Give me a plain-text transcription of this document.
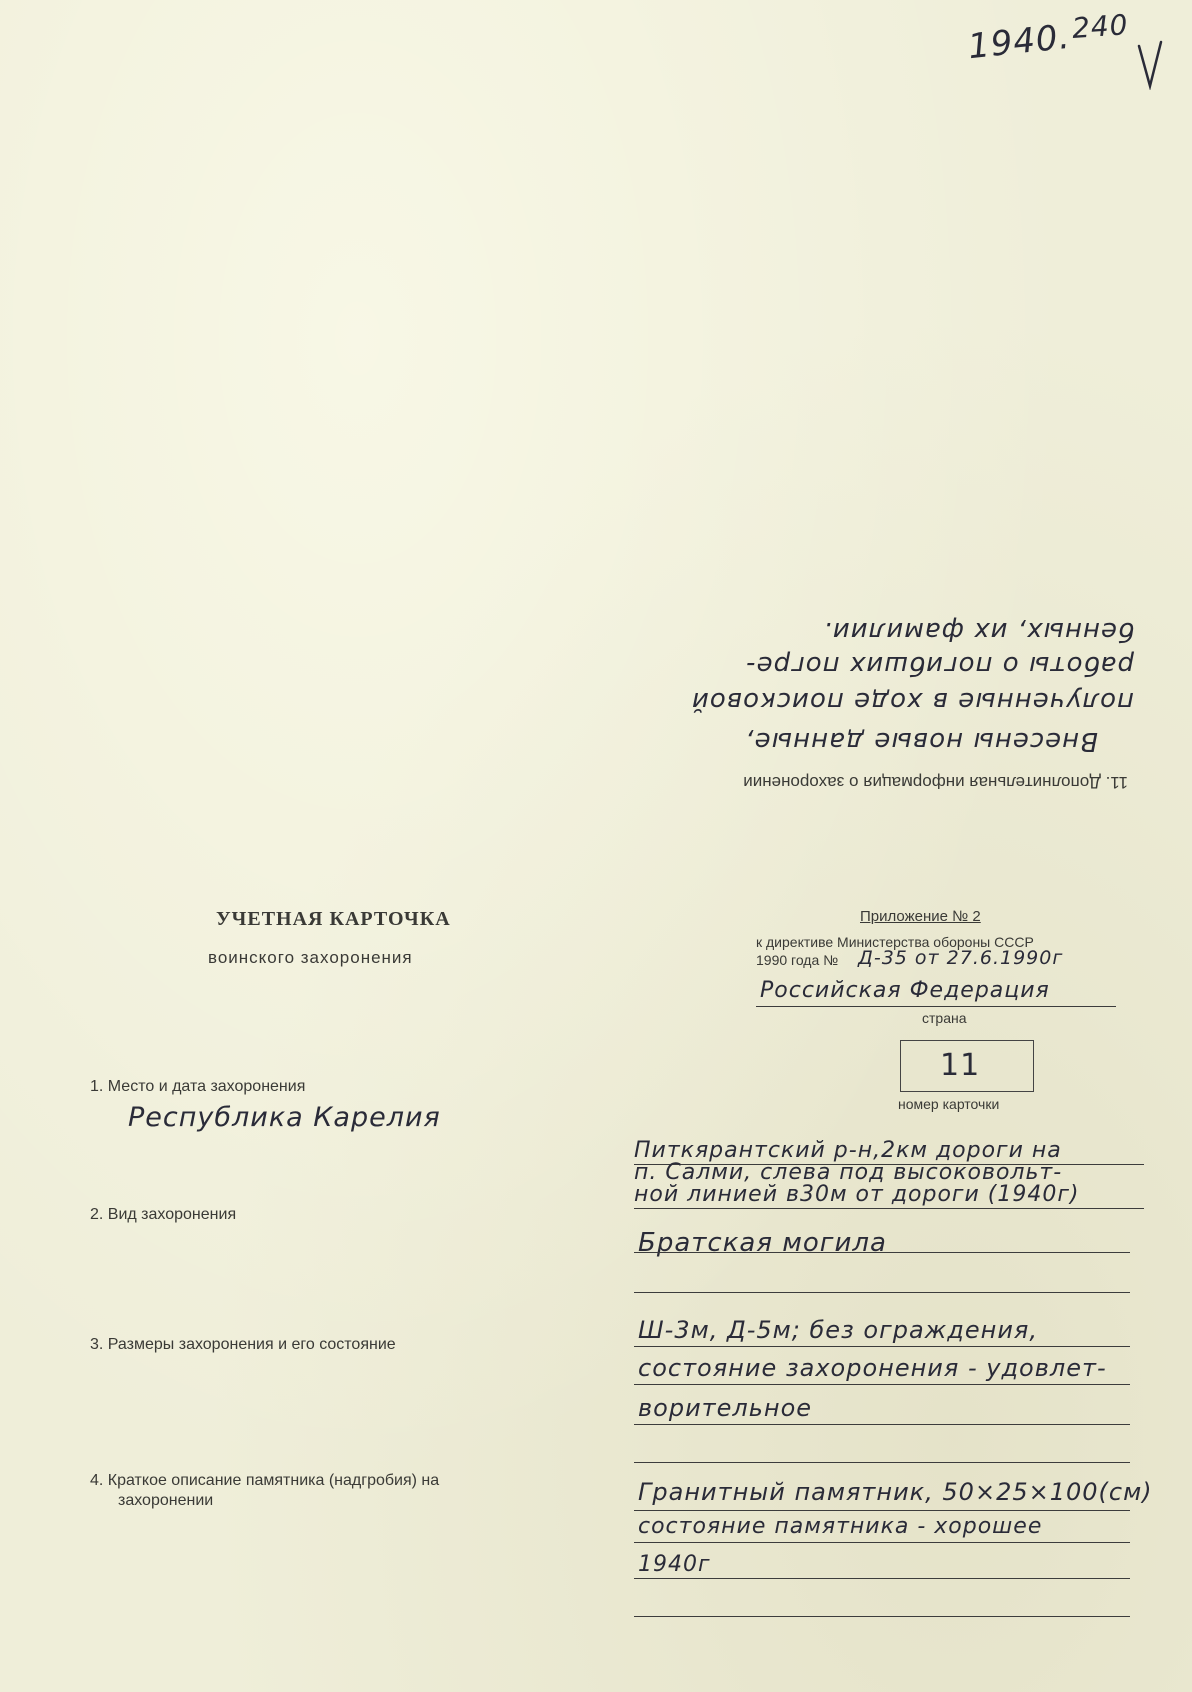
1940.
240
11. Дополнительная информация о захоронении
Внесены новые данные,
полученные в ходе поисковой
работы о погибших погре-
бенных, их фамилии.
УЧЕТНАЯ КАРТОЧКА
воинского захоронения
Приложение № 2
к директиве Министерства обороны СССР
1990 года № Д-35 от 27.6.1990г
Российская Федерация
страна
11
номер карточки
1. Место и дата захоронения
Республика Карелия
Питкярантский р-н,2км дороги на
п. Салми, слева под высоковольт-
ной линией в30м от дороги (1940г)
2. Вид захоронения
Братская могила
3. Размеры захоронения и его состояние
Ш-3м, Д-5м; без ограждения,
состояние захоронения - удовлет-
ворительное
4. Краткое описание памятника (надгробия) на
захоронении	Гранитный памятник, 50×25×100(см)
состояние памятника - хорошее
1940г
